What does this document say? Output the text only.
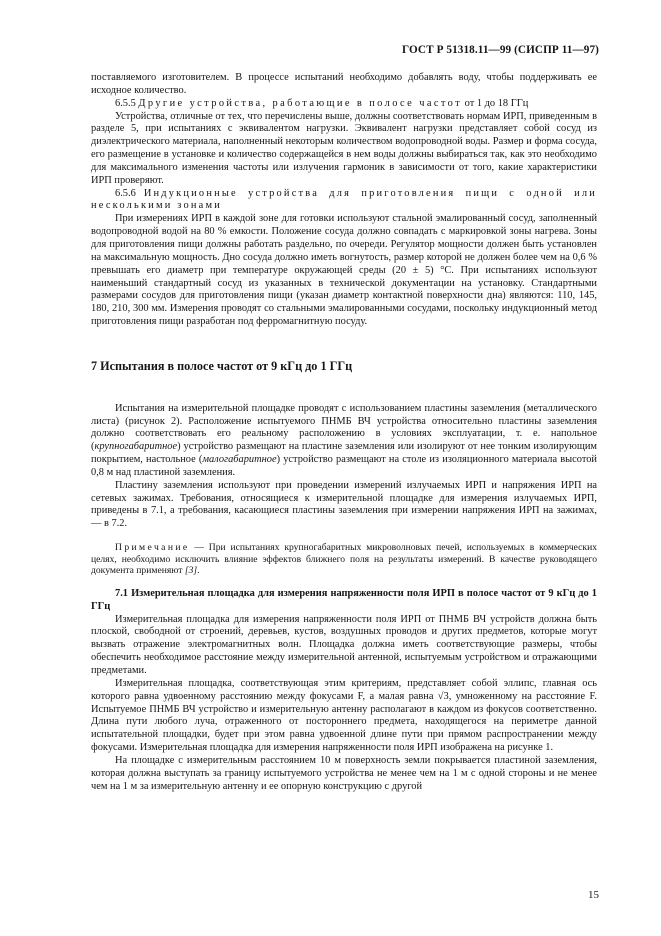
ГОСТ Р 51318.11—99 (СИСПР 11—97)

поставляемого изготовителем. В процессе испытаний необходимо добавлять воду, чтобы поддерживать ее исходное количество.

6.5.5 Другие устройства, работающие в полосе частот от 1 до 18 ГГц

Устройства, отличные от тех, что перечислены выше, должны соответствовать нормам ИРП, приведенным в разделе 5, при испытаниях с эквивалентом нагрузки. Эквивалент нагрузки представляет собой сосуд из диэлектрического материала, наполненный некоторым количеством водопроводной воды. Размер и форма сосуда, его размещение в установке и количество содержащейся в нем воды должны выбираться так, как это необходимо для максимального изменения частоты или излучения гармоник в зависимости от того, какие характеристики ИРП проверяют.

6.5.6 Индукционные устройства для приготовления пищи с одной или несколькими зонами

При измерениях ИРП в каждой зоне для готовки используют стальной эмалированный сосуд, заполненный водопроводной водой на 80 % емкости. Положение сосуда должно совпадать с маркировкой зоны нагрева. Зоны для приготовления пищи должны работать раздельно, по очереди. Регулятор мощности должен быть установлен на максимальную мощность. Дно сосуда должно иметь вогнутость, размер которой не должен более чем на 0,6 % превышать его диаметр при температуре окружающей среды (20 ± 5) °С. При испытаниях используют наименьший стандартный сосуд из указанных в технической документации на установку. Стандартными размерами сосудов для приготовления пищи (указан диаметр контактной поверхности дна) являются: 110, 145, 180, 210, 300 мм. Измерения проводят со стальными эмалированными сосудами, поскольку индукционный метод приготовления пищи разработан под ферромагнитную посуду.

7 Испытания в полосе частот от 9 кГц до 1 ГГц

Испытания на измерительной площадке проводят с использованием пластины заземления (металлического листа) (рисунок 2). Расположение испытуемого ПНМБ ВЧ устройства относительно пластины заземления должно соответствовать его реальному расположению в условиях эксплуатации, т. е. напольное (крупногабаритное) устройство размещают на пластине заземления или изолируют от нее тонким изолирующим покрытием, настольное (малогабаритное) устройство размещают на столе из изоляционного материала высотой 0,8 м над пластиной заземления.

Пластину заземления используют при проведении измерений излучаемых ИРП и напряжения ИРП на сетевых зажимах. Требования, относящиеся к измерительной площадке для измерения излучаемых ИРП, приведены в 7.1, а требования, касающиеся пластины заземления при измерении напряжения ИРП на зажимах, — в 7.2.

Примечание — При испытаниях крупногабаритных микроволновых печей, используемых в коммерческих целях, необходимо исключить влияние эффектов ближнего поля на результаты измерений. В качестве руководящего документа применяют [3].

7.1 Измерительная площадка для измерения напряженности поля ИРП в полосе частот от 9 кГц до 1 ГГц

Измерительная площадка для измерения напряженности поля ИРП от ПНМБ ВЧ устройств должна быть плоской, свободной от строений, деревьев, кустов, воздушных проводов и других предметов, которые могут вызвать отражение электромагнитных волн. Площадка должна иметь соответствующие размеры, чтобы обеспечить необходимое расстояние между измерительной антенной, испытуемым устройством и отражающими предметами.

Измерительная площадка, соответствующая этим критериям, представляет собой эллипс, главная ось которого равна удвоенному расстоянию между фокусами F, а малая равна √3, умноженному на расстояние F. Испытуемое ПНМБ ВЧ устройство и измерительную антенну располагают в каждом из фокусов соответственно. Длина пути любого луча, отраженного от постороннего предмета, находящегося на периметре данной испытательной площадки, будет при этом равна удвоенной длине пути при прямом распространении между фокусами. Измерительная площадка для измерения напряженности поля ИРП изображена на рисунке 1.

На площадке с измерительным расстоянием 10 м поверхность земли покрывается пластиной заземления, которая должна выступать за границу испытуемого устройства не менее чем на 1 м с одной стороны и не менее чем на 1 м за измерительную антенну и ее опорную конструкцию с другой

15
